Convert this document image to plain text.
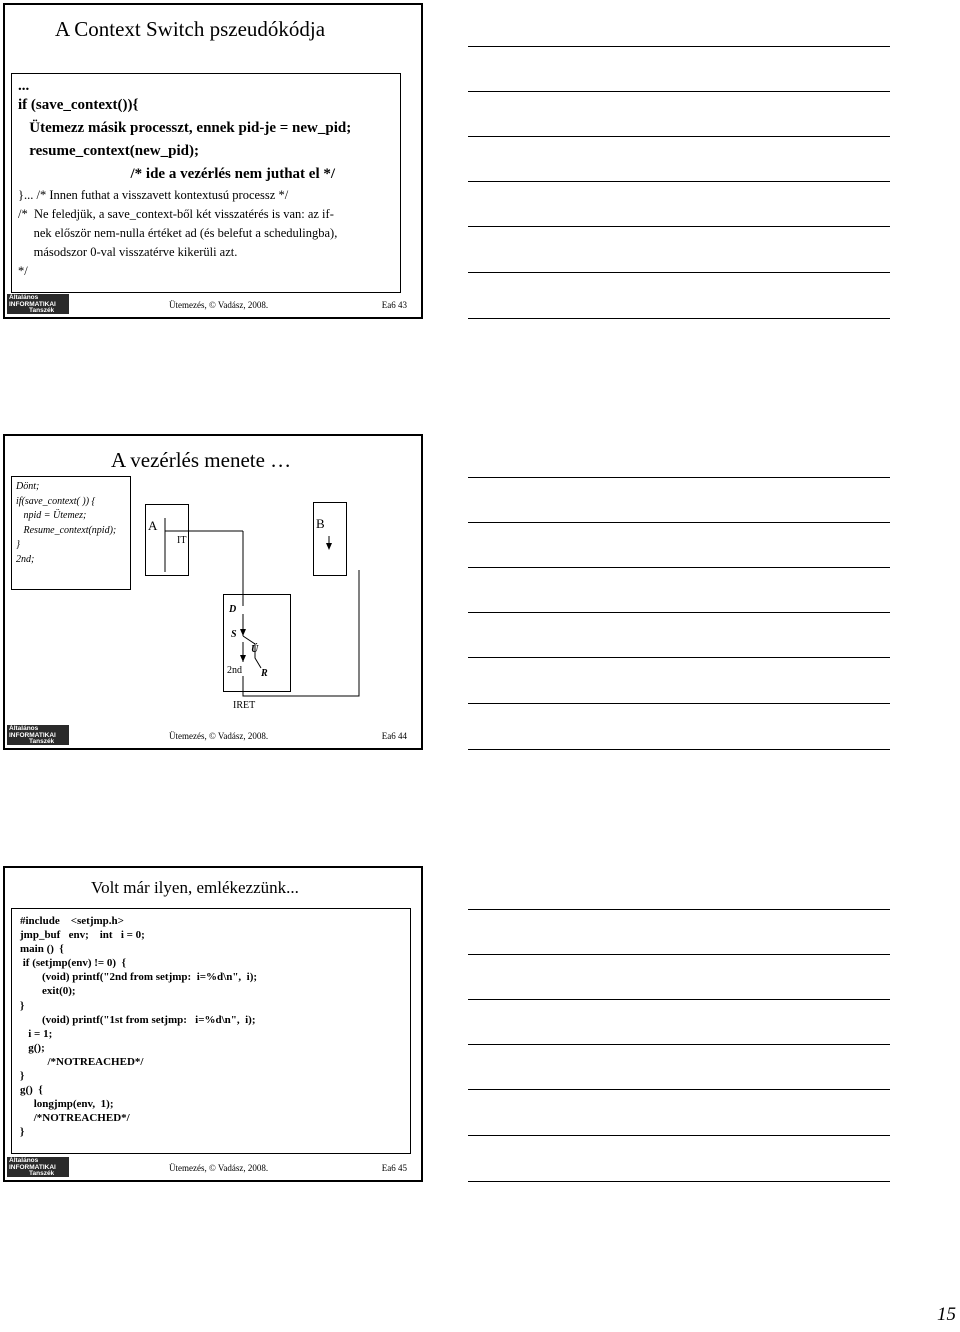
A Context Switch pszeudókódja
...
if (save_context()){
Ütemezz másik processzt, ennek pid-je = new_pid;
resume_context(new_pid);
/* ide a vezérlés nem juthat el */
}... /* Innen futhat a visszavett kontextusú processz */
/*  Ne feledjük, a save_context-ből két visszatérés is van: az if-
nek először nem-nulla értéket ad (és belefut a schedulingba),
másodszor 0-val visszatérve kikerüli azt.
*/
Általános
INFORMATIKAI
Tanszék
Ütemezés, © Vadász, 2008.	Ea6 43
A vezérlés menete …
Dönt;
if(save_context( )) {
npid = Ütemez;
Resume_context(npid);
}
2nd;
A
IT
B
D
S
Ü
2nd R
IRET
Általános
INFORMATIKAI
Tanszék
Ütemezés, © Vadász, 2008.	Ea6 44
Volt már ilyen, emlékezzünk...
#include    <setjmp.h>
jmp_buf   env;    int   i = 0;
main ()  {
if (setjmp(env) != 0)  {
(void) printf("2nd from setjmp:  i=%d\n",  i);
exit(0);
}
(void) printf("1st from setjmp:   i=%d\n",  i);
i = 1;
g();
/*NOTREACHED*/
}
g()  {
longjmp(env,  1);
/*NOTREACHED*/
}
Általános
INFORMATIKAI
Tanszék
Ütemezés, © Vadász, 2008.	Ea6 45
15
